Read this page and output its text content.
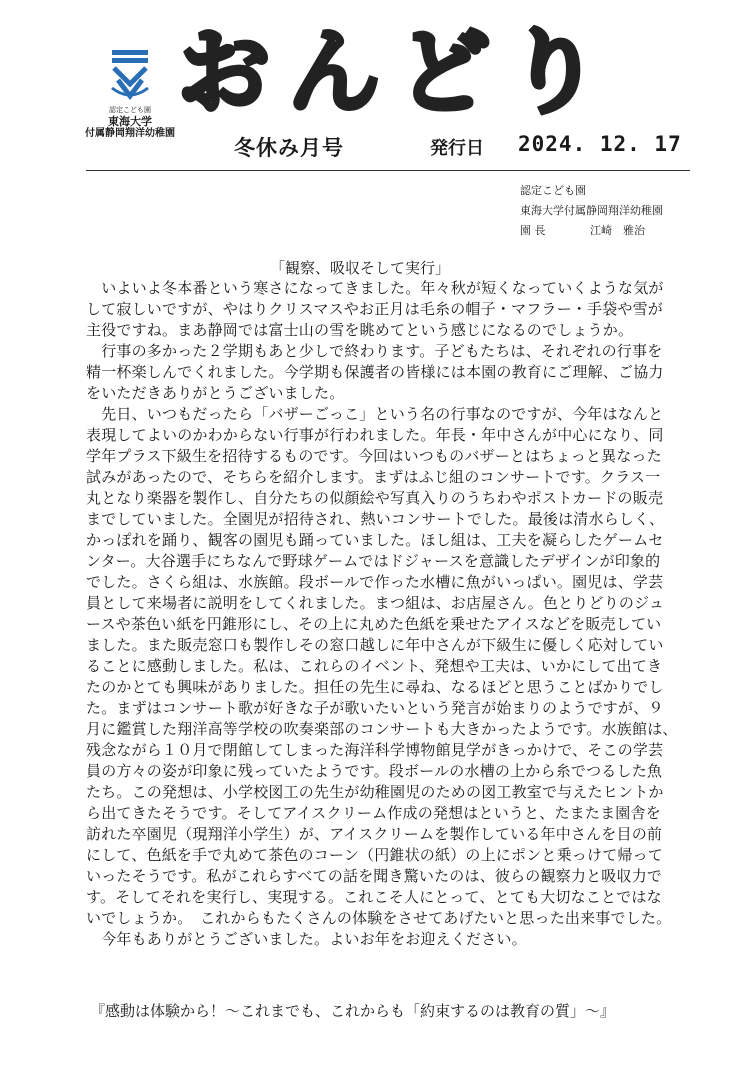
認定こども園
東海大学
付属静岡翔洋幼稚園
おんどり
冬休み月号	発行日 2024. 12. 17
認定こども園
東海大学付属静岡翔洋幼稚園
園 長	江崎　雅治
「観察、吸収そして実行」
　いよいよ冬本番という寒さになってきました。年々秋が短くなっていくような気が
して寂しいですが、やはりクリスマスやお正月は毛糸の帽子・マフラー・手袋や雪が
主役ですね。まあ静岡では富士山の雪を眺めてという感じになるのでしょうか。
　行事の多かった２学期もあと少しで終わります。子どもたちは、それぞれの行事を
精一杯楽しんでくれました。今学期も保護者の皆様には本園の教育にご理解、ご協力
をいただきありがとうございました。
　先日、いつもだったら「バザーごっこ」という名の行事なのですが、今年はなんと
表現してよいのかわからない行事が行われました。年長・年中さんが中心になり、同
学年プラス下級生を招待するものです。今回はいつものバザーとはちょっと異なった
試みがあったので、そちらを紹介します。まずはふじ組のコンサートです。クラス一
丸となり楽器を製作し、自分たちの似顔絵や写真入りのうちわやポストカードの販売
までしていました。全園児が招待され、熱いコンサートでした。最後は清水らしく、
かっぽれを踊り、観客の園児も踊っていました。ほし組は、工夫を凝らしたゲームセ
ンター。大谷選手にちなんで野球ゲームではドジャースを意識したデザインが印象的
でした。さくら組は、水族館。段ボールで作った水槽に魚がいっぱい。園児は、学芸
員として来場者に説明をしてくれました。まつ組は、お店屋さん。色とりどりのジュ
ースや茶色い紙を円錐形にし、その上に丸めた色紙を乗せたアイスなどを販売してい
ました。また販売窓口も製作しその窓口越しに年中さんが下級生に優しく応対してい
ることに感動しました。私は、これらのイベント、発想や工夫は、いかにして出てき
たのかとても興味がありました。担任の先生に尋ね、なるほどと思うことばかりでし
た。まずはコンサート歌が好きな子が歌いたいという発言が始まりのようですが、９
月に鑑賞した翔洋高等学校の吹奏楽部のコンサートも大きかったようです。水族館は、
残念ながら１０月で閉館してしまった海洋科学博物館見学がきっかけで、そこの学芸
員の方々の姿が印象に残っていたようです。段ボールの水槽の上から糸でつるした魚
たち。この発想は、小学校図工の先生が幼稚園児のための図工教室で与えたヒントか
ら出てきたそうです。そしてアイスクリーム作成の発想はというと、たまたま園舎を
訪れた卒園児（現翔洋小学生）が、アイスクリームを製作している年中さんを目の前
にして、色紙を手で丸めて茶色のコーン（円錐状の紙）の上にポンと乗っけて帰って
いったそうです。私がこれらすべての話を聞き驚いたのは、彼らの観察力と吸収力で
す。そしてそれを実行し、実現する。これこそ人にとって、とても大切なことではな
いでしょうか。　これからもたくさんの体験をさせてあげたいと思った出来事でした。
　今年もありがとうございました。よいお年をお迎えください。
『感動は体験から！～これまでも、これからも「約束するのは教育の質」～』
